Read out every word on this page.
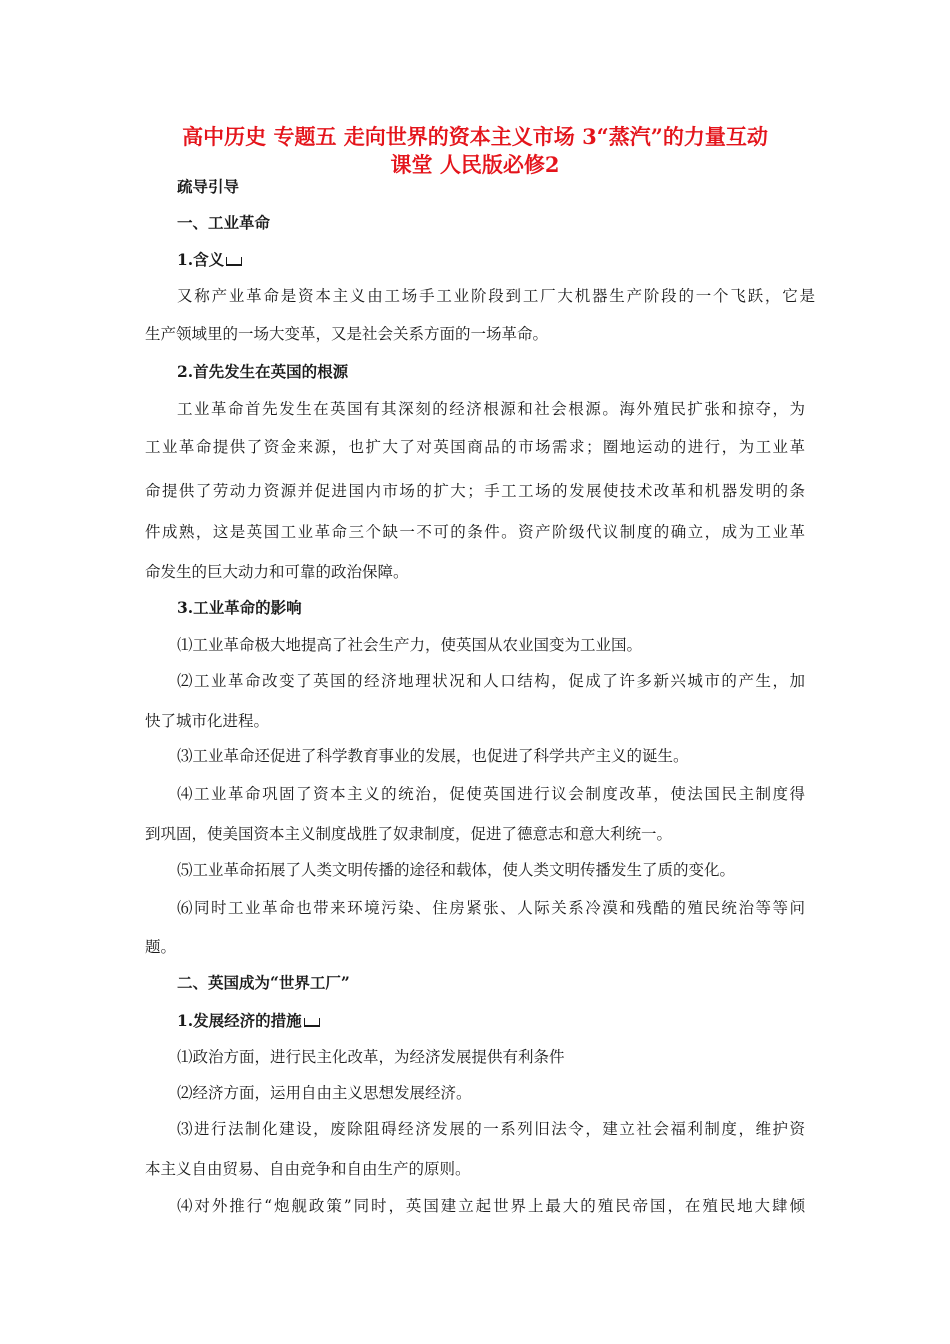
高中历史 专题五 走向世界的资本主义市场 3“蒸汽”的力量互动
课堂 人民版必修2
疏导引导
一、工业革命
1.含义
又称产业革命是资本主义由工场手工业阶段到工厂大机器生产阶段的一个飞跃，它是
生产领域里的一场大变革，又是社会关系方面的一场革命。
2.首先发生在英国的根源
工业革命首先发生在英国有其深刻的经济根源和社会根源。海外殖民扩张和掠夺，为
工业革命提供了资金来源，也扩大了对英国商品的市场需求；圈地运动的进行，为工业革
命提供了劳动力资源并促进国内市场的扩大；手工工场的发展使技术改革和机器发明的条
件成熟，这是英国工业革命三个缺一不可的条件。资产阶级代议制度的确立，成为工业革
命发生的巨大动力和可靠的政治保障。
3.工业革命的影响
⑴工业革命极大地提高了社会生产力，使英国从农业国变为工业国。
⑵工业革命改变了英国的经济地理状况和人口结构，促成了许多新兴城市的产生，加
快了城市化进程。
⑶工业革命还促进了科学教育事业的发展，也促进了科学共产主义的诞生。
⑷工业革命巩固了资本主义的统治，促使英国进行议会制度改革，使法国民主制度得
到巩固，使美国资本主义制度战胜了奴隶制度，促进了德意志和意大利统一。
⑸工业革命拓展了人类文明传播的途径和载体，使人类文明传播发生了质的变化。
⑹同时工业革命也带来环境污染、住房紧张、人际关系冷漠和残酷的殖民统治等等问
题。
二、英国成为“世界工厂”
1.发展经济的措施
⑴政治方面，进行民主化改革，为经济发展提供有利条件
⑵经济方面，运用自由主义思想发展经济。
⑶进行法制化建设，废除阻碍经济发展的一系列旧法令，建立社会福利制度，维护资
本主义自由贸易、自由竞争和自由生产的原则。
⑷对外推行“炮舰政策”同时，英国建立起世界上最大的殖民帝国，在殖民地大肆倾
